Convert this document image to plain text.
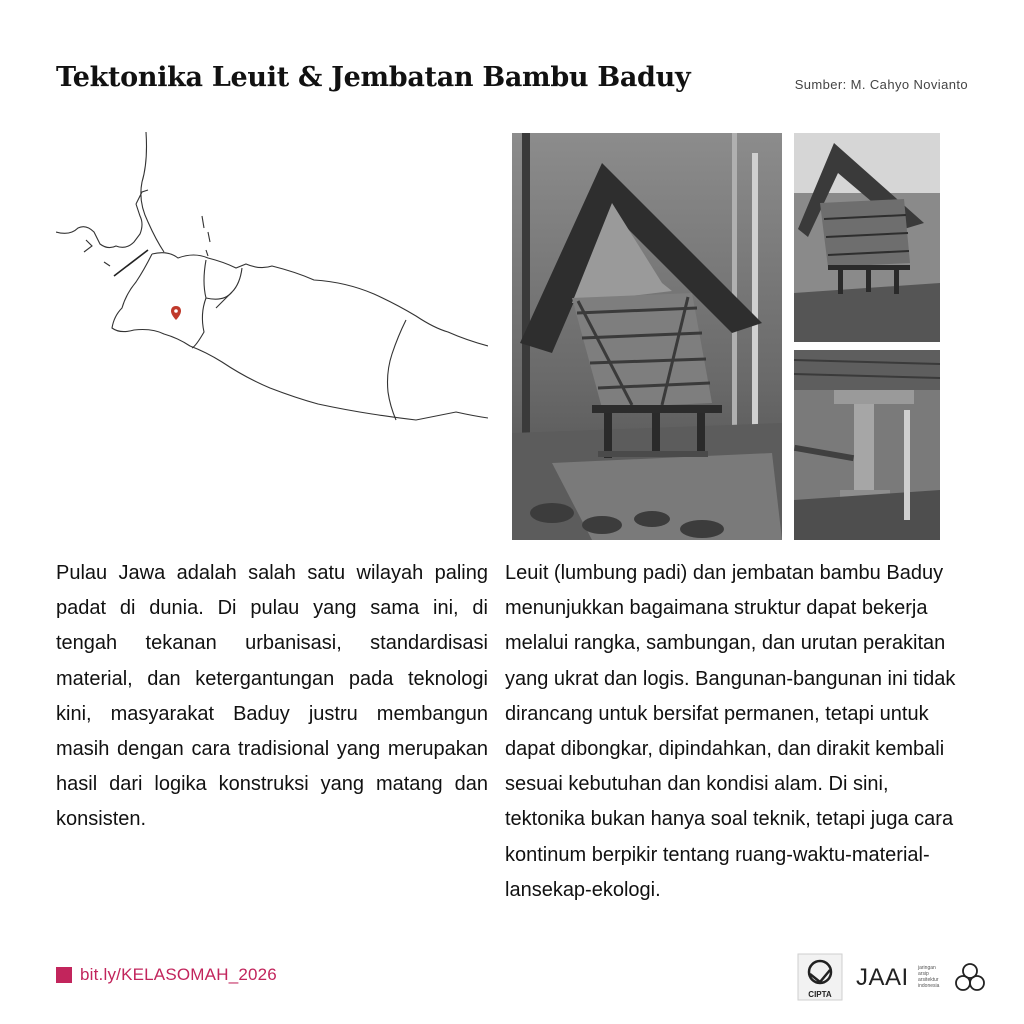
Tektonika Leuit & Jembatan Bambu Baduy	Sumber: M. Cahyo Novianto
Pulau Jawa adalah salah satu wilayah paling padat di dunia. Di pulau yang sama ini, di tengah tekanan urbanisasi, standardisasi material, dan ketergantungan pada teknologi kini, masyarakat Baduy justru membangun masih dengan cara tradisional yang merupakan hasil dari logika konstruksi yang matang dan konsisten.
Leuit (lumbung padi) dan jembatan bambu Baduy menunjukkan bagaimana struktur dapat bekerja melalui rangka, sambungan, dan urutan perakitan yang ukrat dan logis. Bangunan-bangunan ini tidak dirancang untuk bersifat permanen, tetapi untuk dapat dibongkar, dipindahkan, dan dirakit kembali sesuai kebutuhan dan kondisi alam. Di sini, tektonika bukan hanya soal teknik, tetapi juga cara kontinum berpikir tentang ruang-waktu-material-lansekap-ekologi.
bit.ly/KELASOMAH_2026
CIPTA
JAAI jaringan arsip arsitektur indonesia
